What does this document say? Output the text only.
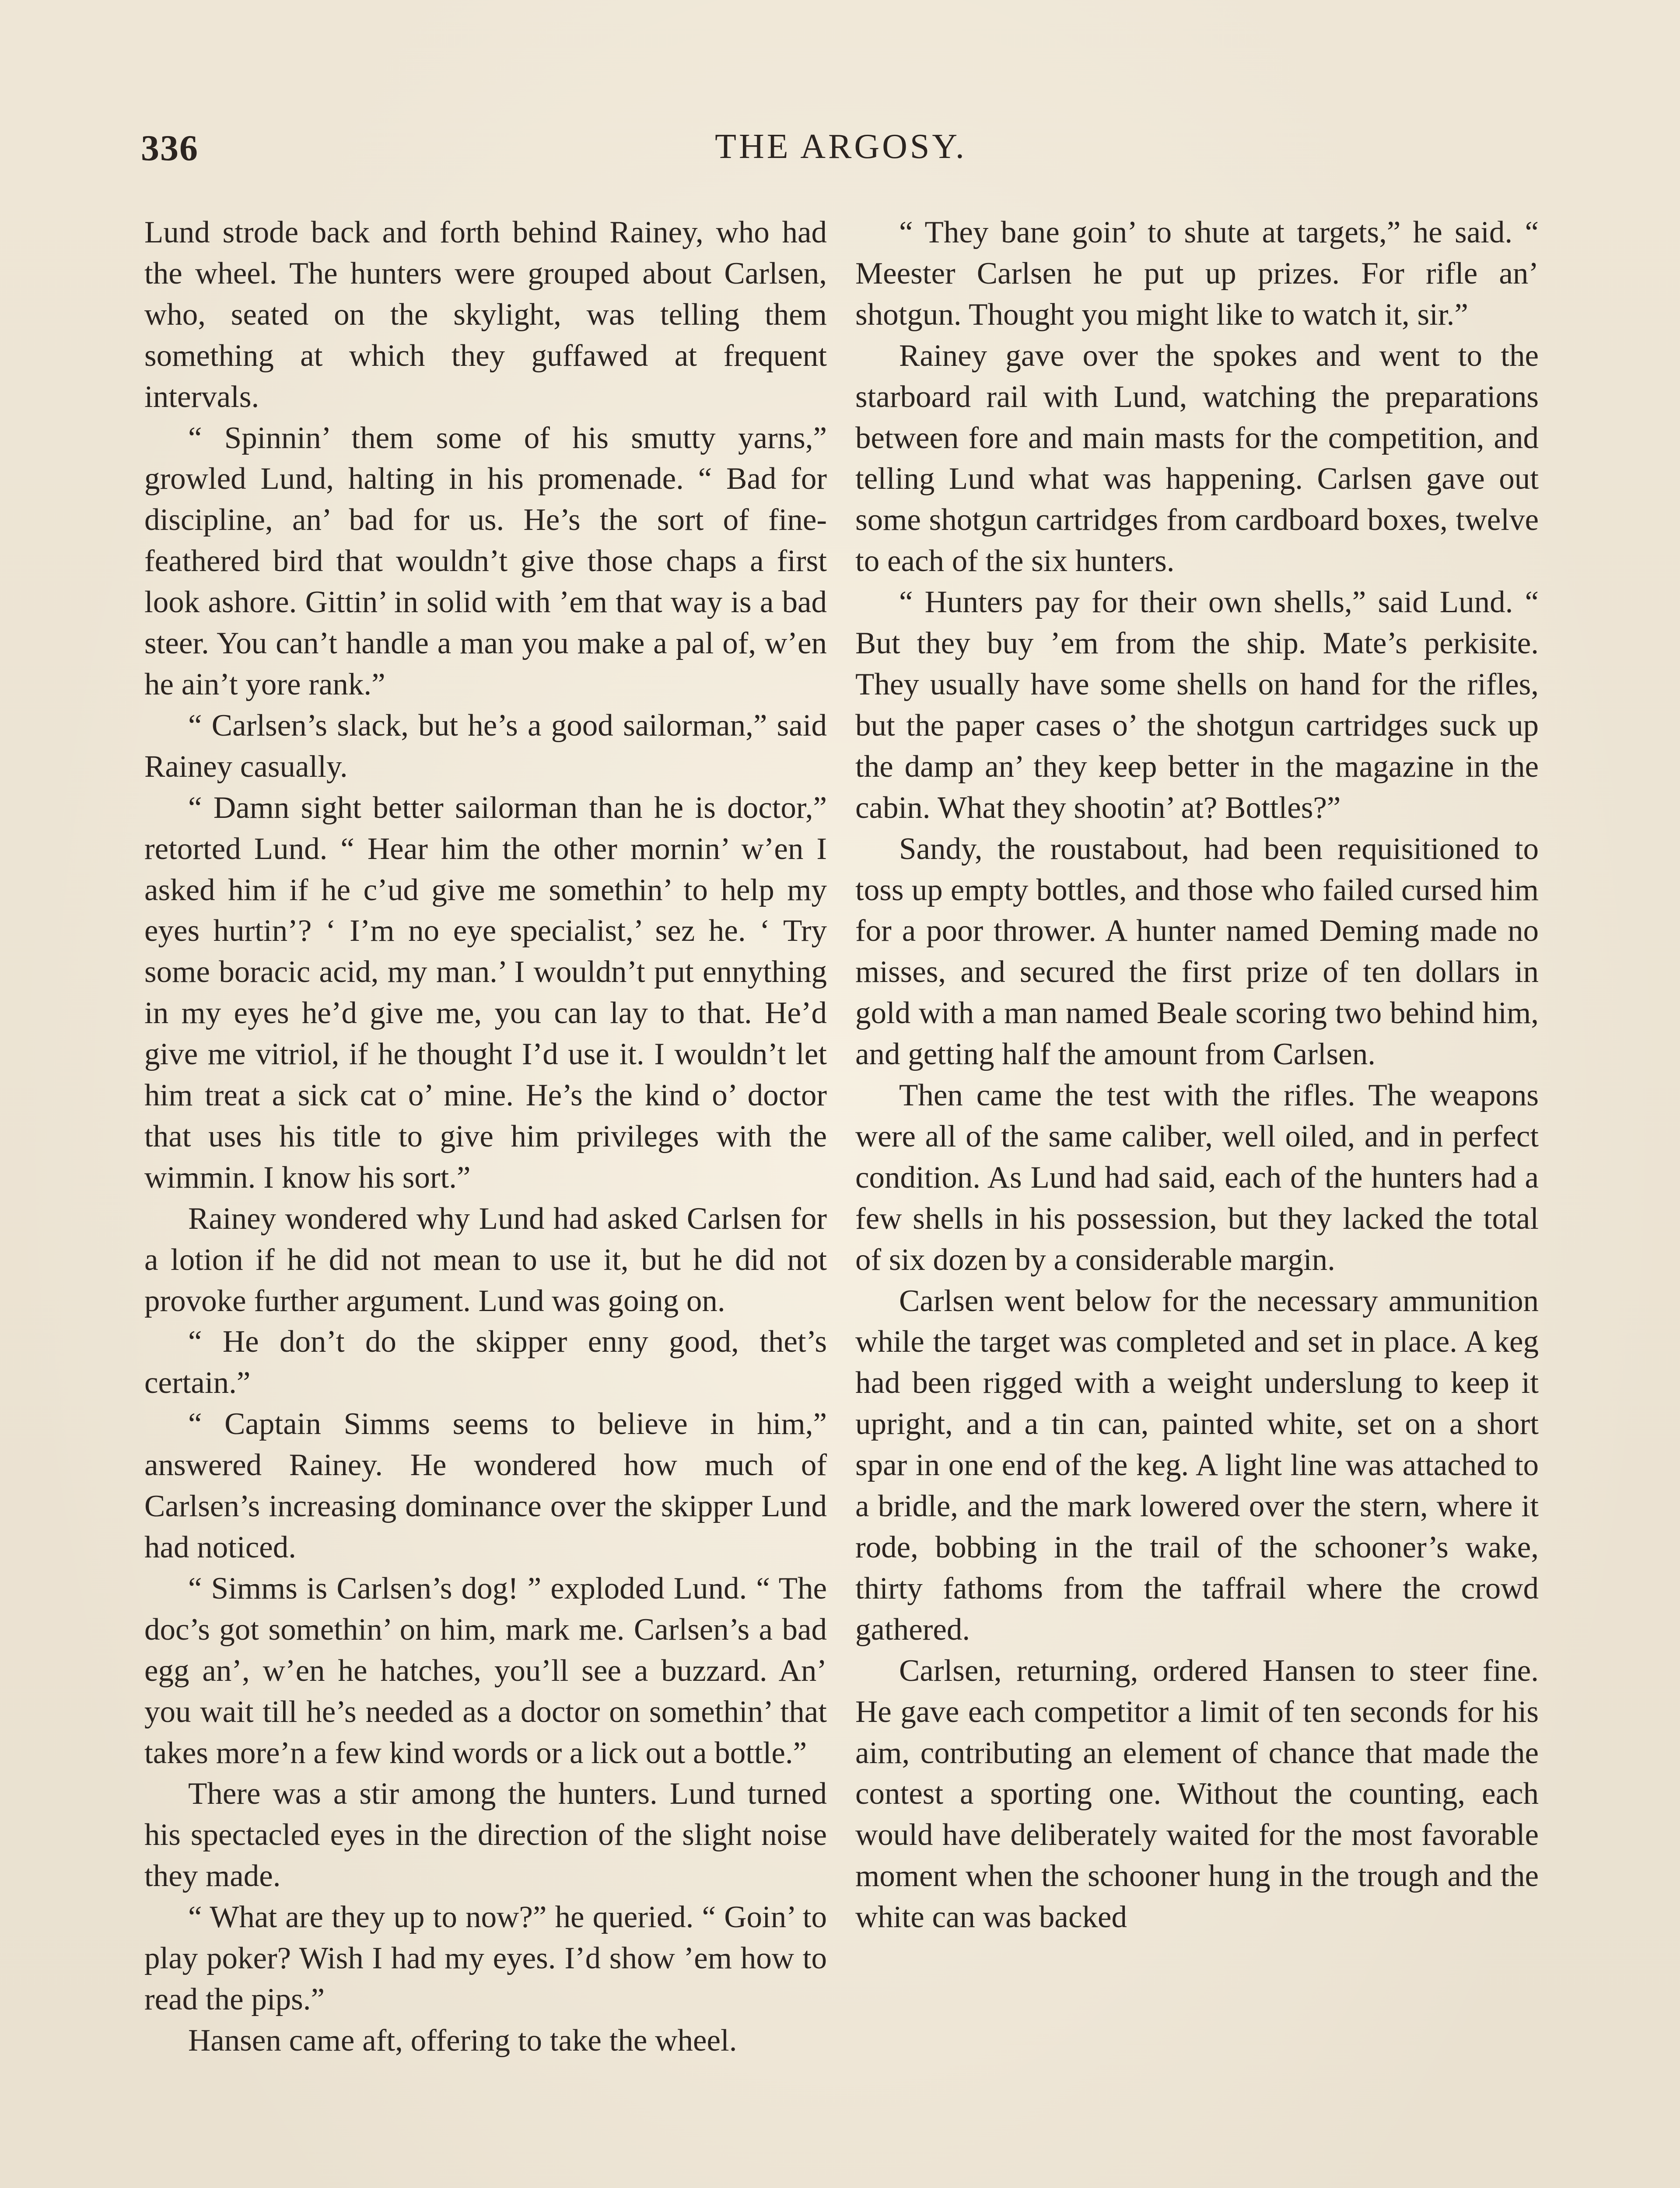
336	THE ARGOSY.

Lund strode back and forth behind Rainey, who had the wheel. The hunters were grouped about Carlsen, who, seated on the skylight, was telling them something at which they guffawed at frequent intervals.

“ Spinnin’ them some of his smutty yarns,” growled Lund, halting in his promenade. “ Bad for discipline, an’ bad for us. He’s the sort of fine-feathered bird that wouldn’t give those chaps a first look ashore. Gittin’ in solid with ’em that way is a bad steer. You can’t handle a man you make a pal of, w’en he ain’t yore rank.”

“ Carlsen’s slack, but he’s a good sailorman,” said Rainey casually.

“ Damn sight better sailorman than he is doctor,” retorted Lund. “ Hear him the other mornin’ w’en I asked him if he c’ud give me somethin’ to help my eyes hurtin’? ‘ I’m no eye specialist,’ sez he. ‘ Try some boracic acid, my man.’ I wouldn’t put ennything in my eyes he’d give me, you can lay to that. He’d give me vitriol, if he thought I’d use it. I wouldn’t let him treat a sick cat o’ mine. He’s the kind o’ doctor that uses his title to give him privileges with the wimmin. I know his sort.”

Rainey wondered why Lund had asked Carlsen for a lotion if he did not mean to use it, but he did not provoke further argument. Lund was going on.

“ He don’t do the skipper enny good, thet’s certain.”

“ Captain Simms seems to believe in him,” answered Rainey. He wondered how much of Carlsen’s increasing dominance over the skipper Lund had noticed.

“ Simms is Carlsen’s dog! ” exploded Lund. “ The doc’s got somethin’ on him, mark me. Carlsen’s a bad egg an’, w’en he hatches, you’ll see a buzzard. An’ you wait till he’s needed as a doctor on somethin’ that takes more’n a few kind words or a lick out a bottle.”

There was a stir among the hunters. Lund turned his spectacled eyes in the direction of the slight noise they made.

“ What are they up to now?” he queried. “ Goin’ to play poker? Wish I had my eyes. I’d show ’em how to read the pips.”

Hansen came aft, offering to take the wheel.

“ They bane goin’ to shute at targets,” he said. “ Meester Carlsen he put up prizes. For rifle an’ shotgun. Thought you might like to watch it, sir.”

Rainey gave over the spokes and went to the starboard rail with Lund, watching the preparations between fore and main masts for the competition, and telling Lund what was happening. Carlsen gave out some shotgun cartridges from cardboard boxes, twelve to each of the six hunters.

“ Hunters pay for their own shells,” said Lund. “ But they buy ’em from the ship. Mate’s perkisite. They usually have some shells on hand for the rifles, but the paper cases o’ the shotgun cartridges suck up the damp an’ they keep better in the magazine in the cabin. What they shootin’ at? Bottles?”

Sandy, the roustabout, had been requisitioned to toss up empty bottles, and those who failed cursed him for a poor thrower. A hunter named Deming made no misses, and secured the first prize of ten dollars in gold with a man named Beale scoring two behind him, and getting half the amount from Carlsen.

Then came the test with the rifles. The weapons were all of the same caliber, well oiled, and in perfect condition. As Lund had said, each of the hunters had a few shells in his possession, but they lacked the total of six dozen by a considerable margin.

Carlsen went below for the necessary ammunition while the target was completed and set in place. A keg had been rigged with a weight underslung to keep it upright, and a tin can, painted white, set on a short spar in one end of the keg. A light line was attached to a bridle, and the mark lowered over the stern, where it rode, bobbing in the trail of the schooner’s wake, thirty fathoms from the taffrail where the crowd gathered.

Carlsen, returning, ordered Hansen to steer fine. He gave each competitor a limit of ten seconds for his aim, contributing an element of chance that made the contest a sporting one. Without the counting, each would have deliberately waited for the most favorable moment when the schooner hung in the trough and the white can was backed
